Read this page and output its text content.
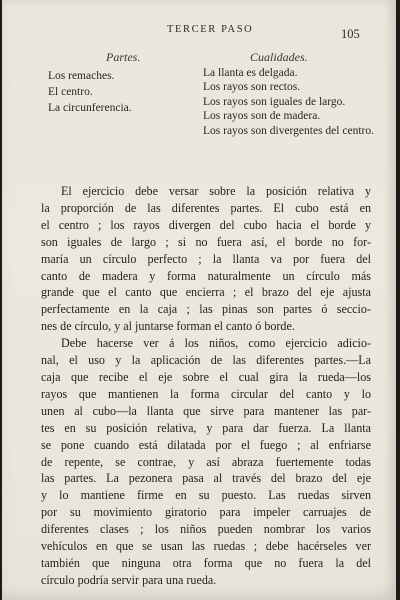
TERCER PASO	105
Partes.	Cualidades.
Los remaches.
El centro.
La circunferencia.
La llanta es delgada.
Los rayos son rectos.
Los rayos son iguales de largo.
Los rayos son de madera.
Los rayos son divergentes del centro.
El ejercicio debe versar sobre la posición relativa y
la proporción de las diferentes partes. El cubo está en
el centro ; los rayos divergen del cubo hacia el borde y
son iguales de largo ; si no fuera así, el borde no for-
maría un círculo perfecto ; la llanta va por fuera del
canto de madera y forma naturalmente un círculo más
grande que el canto que encierra ; el brazo del eje ajusta
perfectamente en la caja ; las pinas son partes ó seccio-
nes de círculo, y al juntarse forman el canto ó borde.
Debe hacerse ver á los niños, como ejercicio adicio-
nal, el uso y la aplicación de las diferentes partes.—La
caja que recibe el eje sobre el cual gira la rueda—los
rayos que mantienen la forma circular del canto y lo
unen al cubo—la llanta que sirve para mantener las par-
tes en su posición relativa, y para dar fuerza. La llanta
se pone cuando está dilatada por el fuego ; al enfriarse
de repente, se contrae, y así abraza fuertemente todas
las partes. La pezonera pasa al través del brazo del eje
y lo mantiene firme en su puesto. Las ruedas sirven
por su movimiento giratorio para impeler carruajes de
diferentes clases ; los niños pueden nombrar los varios
vehículos en que se usan las ruedas ; debe hacérseles ver
también que ninguna otra forma que no fuera la del
círculo podría servir para una rueda.
